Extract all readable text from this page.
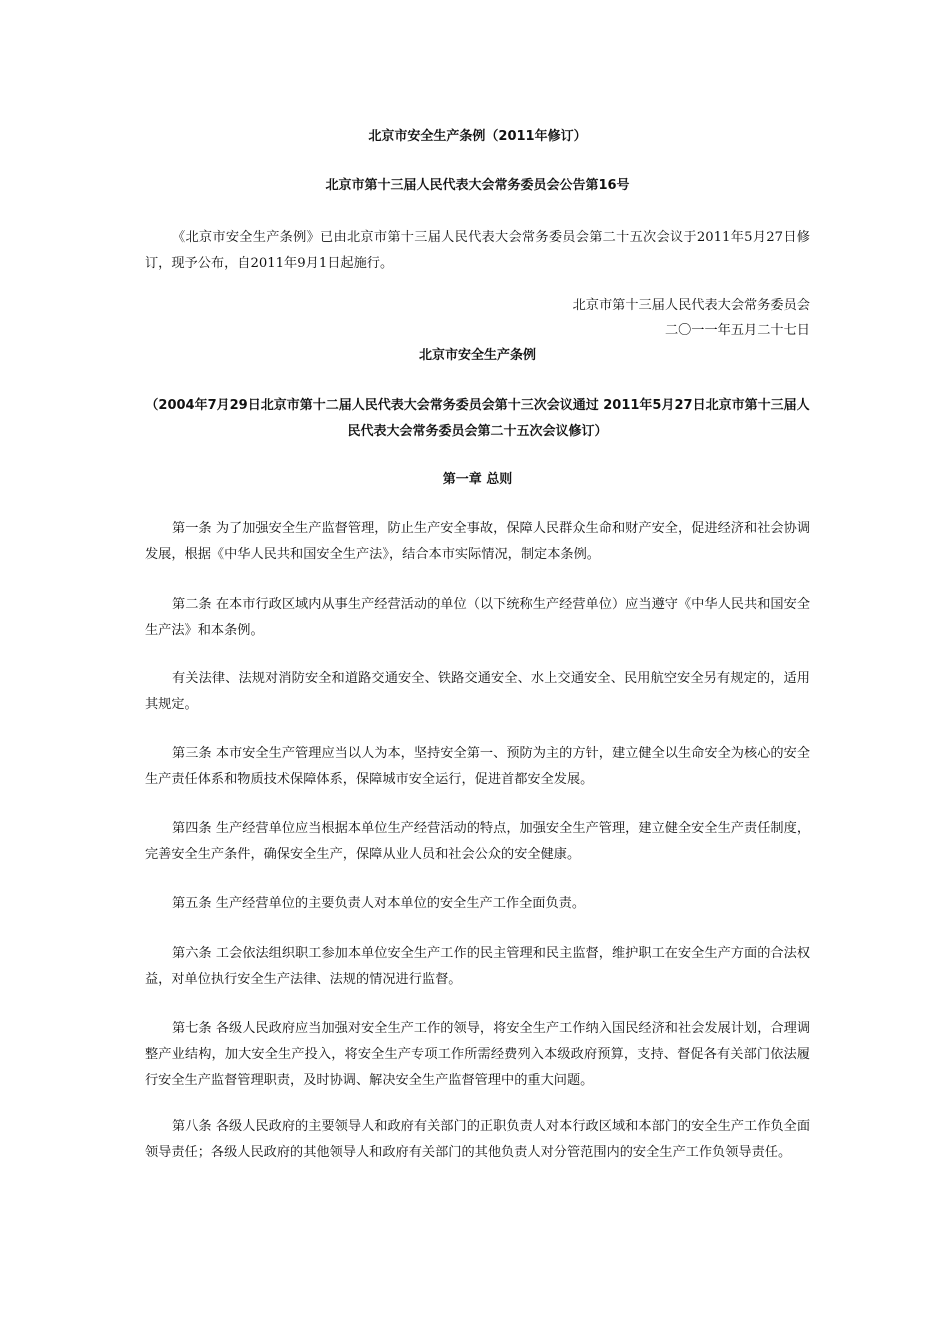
北京市安全生产条例（2011年修订）

北京市第十三届人民代表大会常务委员会公告第16号

《北京市安全生产条例》已由北京市第十三届人民代表大会常务委员会第二十五次会议于2011年5月27日修订，现予公布，自2011年9月1日起施行。

北京市第十三届人民代表大会常务委员会

二〇一一年五月二十七日

北京市安全生产条例

（2004年7月29日北京市第十二届人民代表大会常务委员会第十三次会议通过 2011年5月27日北京市第十三届人民代表大会常务委员会第二十五次会议修订）

第一章 总则

第一条 为了加强安全生产监督管理，防止生产安全事故，保障人民群众生命和财产安全，促进经济和社会协调发展，根据《中华人民共和国安全生产法》，结合本市实际情况，制定本条例。

第二条 在本市行政区域内从事生产经营活动的单位（以下统称生产经营单位）应当遵守《中华人民共和国安全生产法》和本条例。

有关法律、法规对消防安全和道路交通安全、铁路交通安全、水上交通安全、民用航空安全另有规定的，适用其规定。

第三条 本市安全生产管理应当以人为本，坚持安全第一、预防为主的方针，建立健全以生命安全为核心的安全生产责任体系和物质技术保障体系，保障城市安全运行，促进首都安全发展。

第四条 生产经营单位应当根据本单位生产经营活动的特点，加强安全生产管理，建立健全安全生产责任制度，完善安全生产条件，确保安全生产，保障从业人员和社会公众的安全健康。

第五条 生产经营单位的主要负责人对本单位的安全生产工作全面负责。

第六条 工会依法组织职工参加本单位安全生产工作的民主管理和民主监督，维护职工在安全生产方面的合法权益，对单位执行安全生产法律、法规的情况进行监督。

第七条 各级人民政府应当加强对安全生产工作的领导，将安全生产工作纳入国民经济和社会发展计划，合理调整产业结构，加大安全生产投入，将安全生产专项工作所需经费列入本级政府预算，支持、督促各有关部门依法履行安全生产监督管理职责，及时协调、解决安全生产监督管理中的重大问题。

第八条 各级人民政府的主要领导人和政府有关部门的正职负责人对本行政区域和本部门的安全生产工作负全面领导责任；各级人民政府的其他领导人和政府有关部门的其他负责人对分管范围内的安全生产工作负领导责任。
